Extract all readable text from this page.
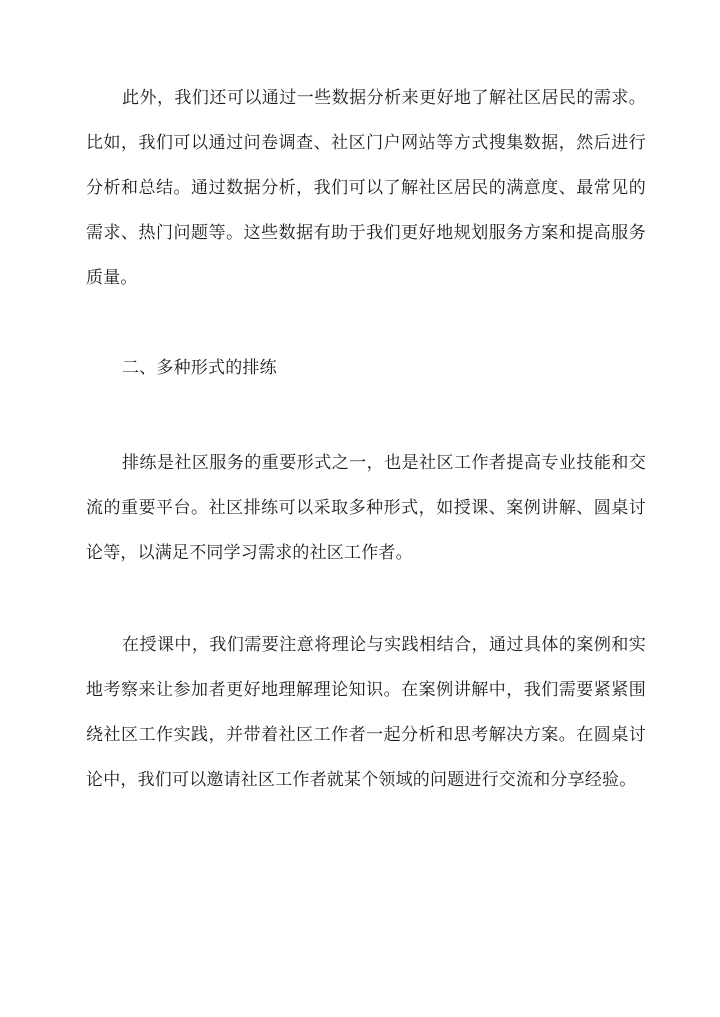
此外，我们还可以通过一些数据分析来更好地了解社区居民的需求。比如，我们可以通过问卷调查、社区门户网站等方式搜集数据，然后进行分析和总结。通过数据分析，我们可以了解社区居民的满意度、最常见的需求、热门问题等。这些数据有助于我们更好地规划服务方案和提高服务质量。

二、多种形式的排练

排练是社区服务的重要形式之一，也是社区工作者提高专业技能和交流的重要平台。社区排练可以采取多种形式，如授课、案例讲解、圆桌讨论等，以满足不同学习需求的社区工作者。

在授课中，我们需要注意将理论与实践相结合，通过具体的案例和实地考察来让参加者更好地理解理论知识。在案例讲解中，我们需要紧紧围绕社区工作实践，并带着社区工作者一起分析和思考解决方案。在圆桌讨论中，我们可以邀请社区工作者就某个领域的问题进行交流和分享经验。
